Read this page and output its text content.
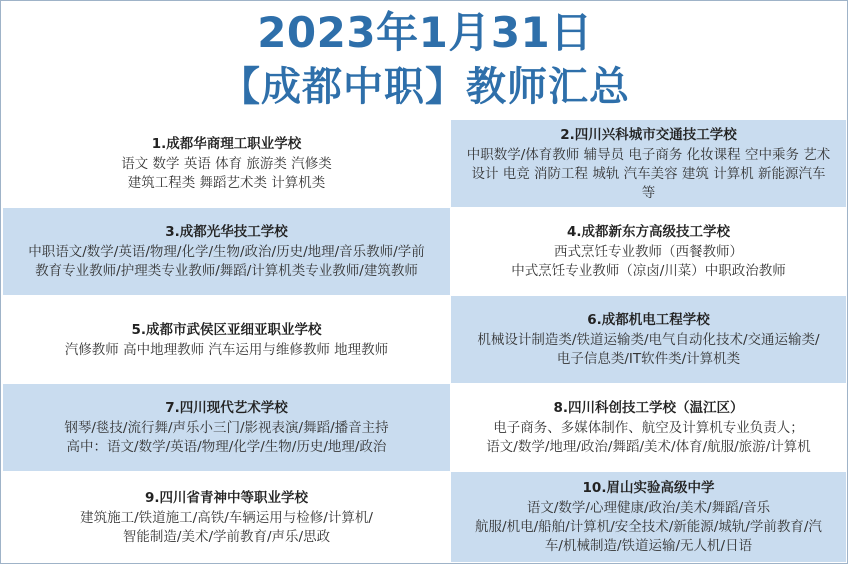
2023年1月31日
【成都中职】教师汇总
1.成都华商理工职业学校
语文 数学 英语 体育 旅游类 汽修类
建筑工程类 舞蹈艺术类 计算机类
2.四川兴科城市交通技工学校
中职数学/体育教师 辅导员 电子商务 化妆课程 空中乘务 艺术
设计 电竞 消防工程 城轨 汽车美容 建筑 计算机 新能源汽车
等
3.成都光华技工学校
中职语文/数学/英语/物理/化学/生物/政治/历史/地理/音乐教师/学前
教育专业教师/护理类专业教师/舞蹈/计算机类专业教师/建筑教师
4.成都新东方高级技工学校
西式烹饪专业教师（西餐教师）
中式烹饪专业教师（凉卤/川菜）中职政治教师
5.成都市武侯区亚细亚职业学校
汽修教师 高中地理教师 汽车运用与维修教师 地理教师
6.成都机电工程学校
机械设计制造类/铁道运输类/电气自动化技术/交通运输类/
电子信息类/IT软件类/计算机类
7.四川现代艺术学校
钢琴/毯技/流行舞/声乐小三门/影视表演/舞蹈/播音主持
高中：语文/数学/英语/物理/化学/生物/历史/地理/政治
8.四川科创技工学校（温江区）
电子商务、多媒体制作、航空及计算机专业负责人；
语文/数学/地理/政治/舞蹈/美术/体育/航服/旅游/计算机
9.四川省青神中等职业学校
建筑施工/铁道施工/高铁/车辆运用与检修/计算机/
智能制造/美术/学前教育/声乐/思政
10.眉山实验高级中学
语文/数学/心理健康/政治/美术/舞蹈/音乐
航服/机电/船舶/计算机/安全技术/新能源/城轨/学前教育/汽
车/机械制造/铁道运输/无人机/日语
